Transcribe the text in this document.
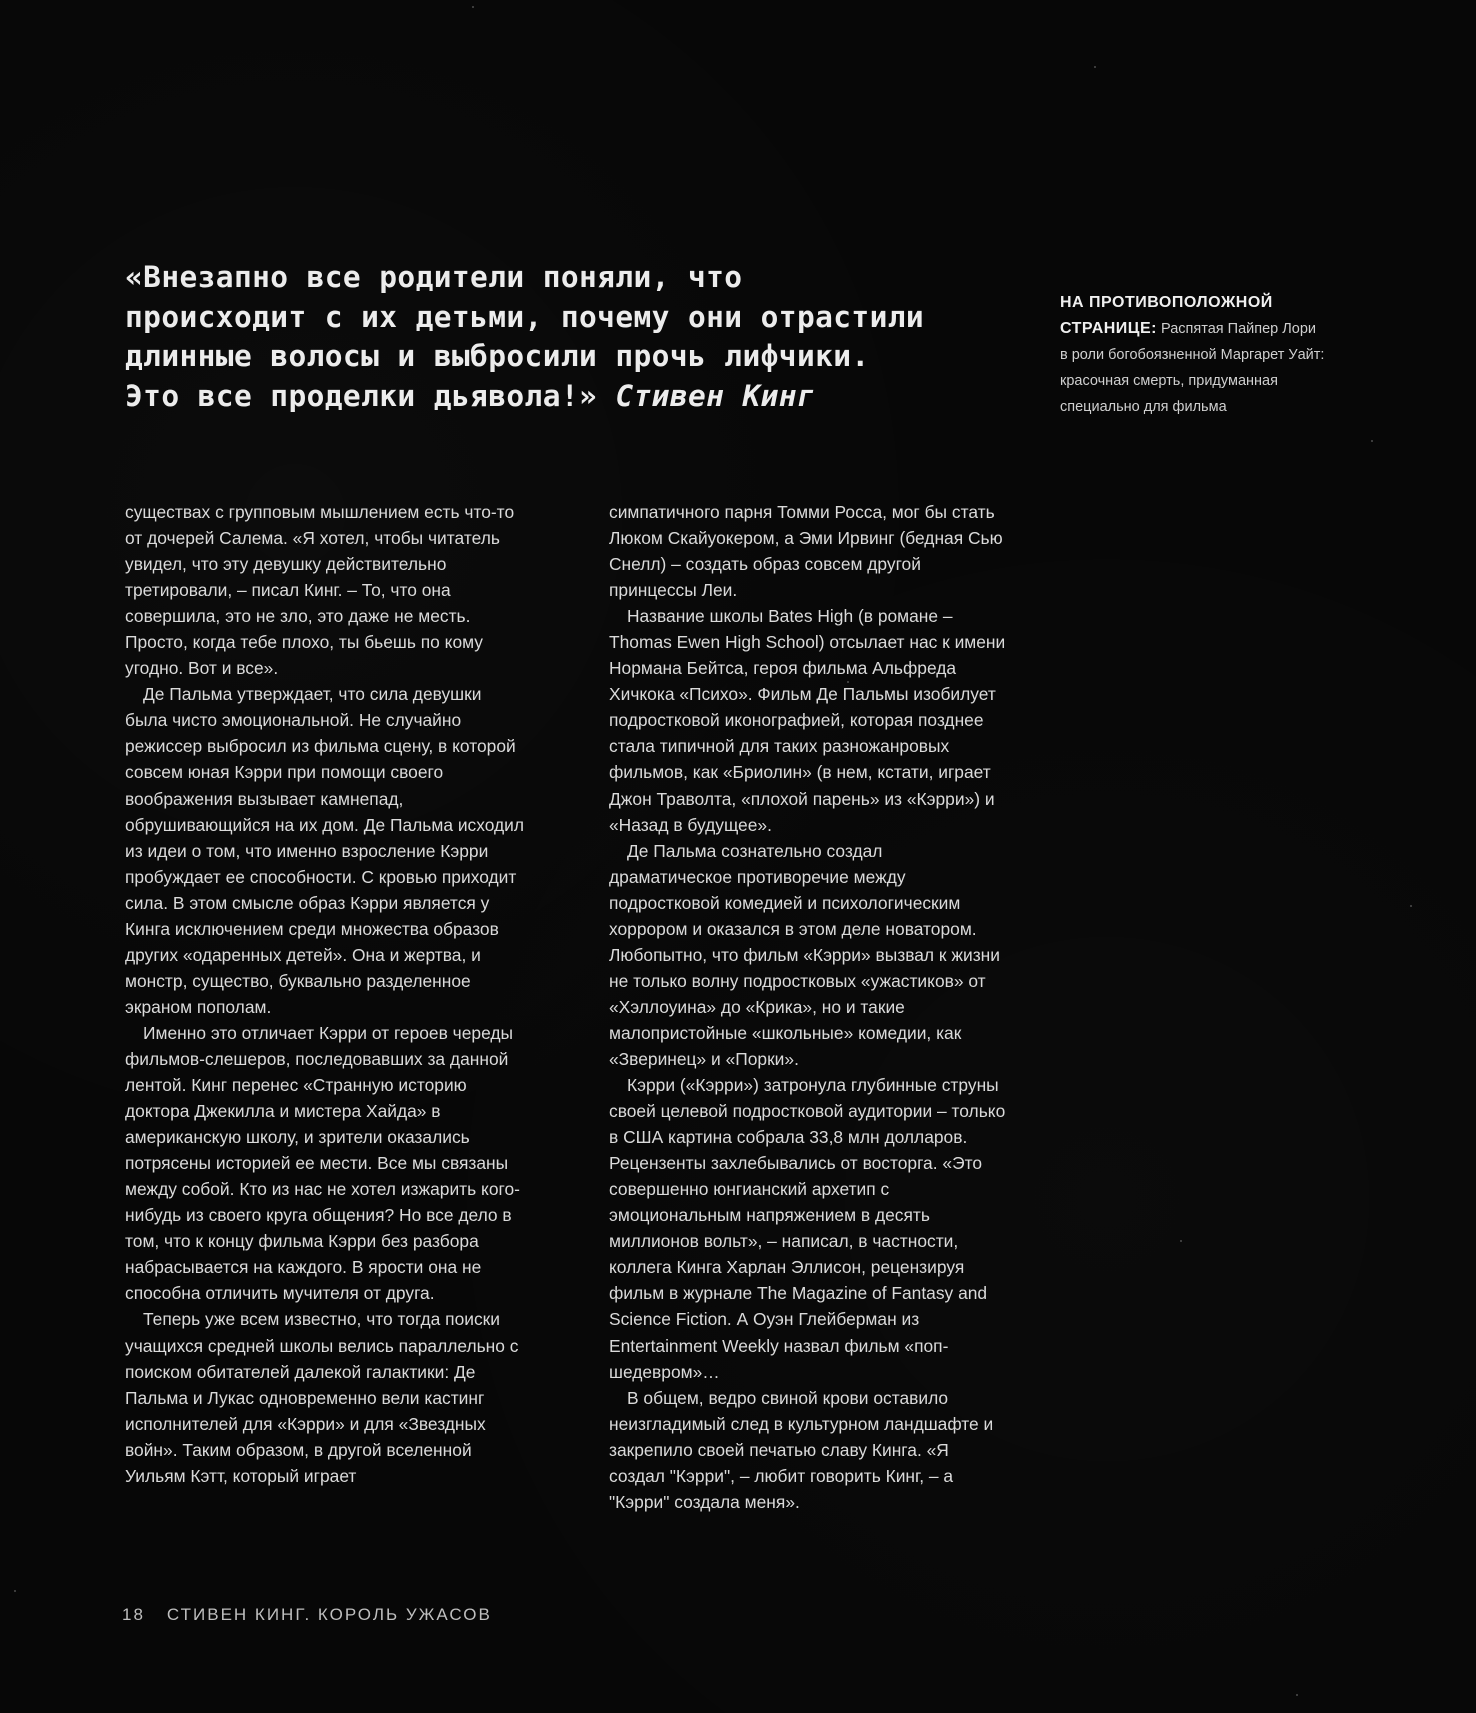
«Внезапно все родители поняли, что происходит с их детьми, почему они отрастили длинные волосы и выбросили прочь лифчики. Это все проделки дьявола!» Стивен Кинг

НА ПРОТИВОПОЛОЖНОЙ СТРАНИЦЕ: Распятая Пайпер Лори в роли богобоязненной Маргарет Уайт: красочная смерть, придуманная специально для фильма

существах с групповым мышлением есть что-то от дочерей Салема. «Я хотел, чтобы читатель увидел, что эту девушку действительно третировали, – писал Кинг. – То, что она совершила, это не зло, это даже не месть. Просто, когда тебе плохо, ты бьешь по кому угодно. Вот и все».

Де Пальма утверждает, что сила девушки была чисто эмоциональной. Не случайно режиссер выбросил из фильма сцену, в которой совсем юная Кэрри при помощи своего воображения вызывает камнепад, обрушивающийся на их дом. Де Пальма исходил из идеи о том, что именно взросление Кэрри пробуждает ее способности. С кровью приходит сила. В этом смысле образ Кэрри является у Кинга исключением среди множества образов других «одаренных детей». Она и жертва, и монстр, существо, буквально разделенное экраном пополам.

Именно это отличает Кэрри от героев череды фильмов-слешеров, последовавших за данной лентой. Кинг перенес «Странную историю доктора Джекилла и мистера Хайда» в американскую школу, и зрители оказались потрясены историей ее мести. Все мы связаны между собой. Кто из нас не хотел изжарить кого-нибудь из своего круга общения? Но все дело в том, что к концу фильма Кэрри без разбора набрасывается на каждого. В ярости она не способна отличить мучителя от друга.

Теперь уже всем известно, что тогда поиски учащихся средней школы велись параллельно с поиском обитателей далекой галактики: Де Пальма и Лукас одновременно вели кастинг исполнителей для «Кэрри» и для «Звездных войн». Таким образом, в другой вселенной Уильям Кэтт, который играет

симпатичного парня Томми Росса, мог бы стать Люком Скайуокером, а Эми Ирвинг (бедная Сью Снелл) – создать образ совсем другой принцессы Леи.

Название школы Bates High (в романе – Thomas Ewen High School) отсылает нас к имени Нормана Бейтса, героя фильма Альфреда Хичкока «Психо». Фильм Де Пальмы изобилует подростковой иконографией, которая позднее стала типичной для таких разножанровых фильмов, как «Бриолин» (в нем, кстати, играет Джон Траволта, «плохой парень» из «Кэрри») и «Назад в будущее».

Де Пальма сознательно создал драматическое противоречие между подростковой комедией и психологическим хоррором и оказался в этом деле новатором. Любопытно, что фильм «Кэрри» вызвал к жизни не только волну подростковых «ужастиков» от «Хэллоуина» до «Крика», но и такие малопристойные «школьные» комедии, как «Зверинец» и «Порки».

Кэрри («Кэрри») затронула глубинные струны своей целевой подростковой аудитории – только в США картина собрала 33,8 млн долларов. Рецензенты захлебывались от восторга. «Это совершенно юнгианский архетип с эмоциональным напряжением в десять миллионов вольт», – написал, в частности, коллега Кинга Харлан Эллисон, рецензируя фильм в журнале The Magazine of Fantasy and Science Fiction. А Оуэн Глейберман из Entertainment Weekly назвал фильм «поп-шедевром»…

В общем, ведро свиной крови оставило неизгладимый след в культурном ландшафте и закрепило своей печатью славу Кинга. «Я создал "Кэрри", – любит говорить Кинг, – а "Кэрри" создала меня».

18 СТИВЕН КИНГ. КОРОЛЬ УЖАСОВ
